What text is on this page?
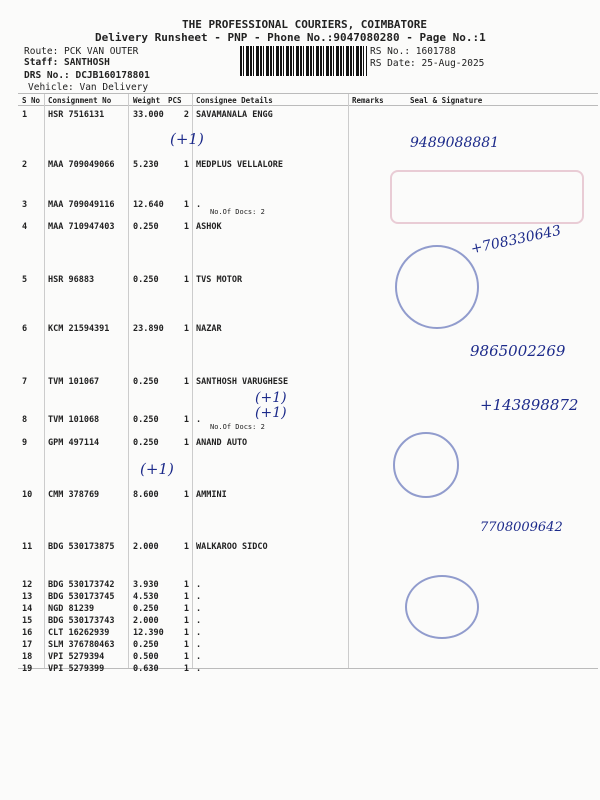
THE PROFESSIONAL COURIERS, COIMBATORE
Delivery Runsheet - PNP - Phone No.:9047080280 - Page No.:1
Route: PCK VAN OUTER
Staff: SANTHOSH
DRS No.: DCJB160178801
Vehicle: Van Delivery
RS No.: 1601788
RS Date: 25-Aug-2025
S No Consignment No	Weight PCS Consignee Details	Remarks	Seal & Signature
1 HSR 7516131	33.000 2 SAVAMANALA ENGG
2 MAA 709049066 5.230	1 MEDPLUS VELLALORE
3 MAA 709049116 12.640 1 .
No.Of Docs: 2
4 MAA 710947403 0.250	1 ASHOK
5 HSR 96883	0.250	1 TVS MOTOR
6 KCM 21594391	23.890 1 NAZAR
7 TVM 101067	0.250	1 SANTHOSH VARUGHESE
8 TVM 101068	0.250	1 .
No.Of Docs: 2
9 GPM 497114	0.250	1 ANAND AUTO
10 CMM 378769	8.600	1 AMMINI
11 BDG 530173875 2.000	1 WALKAROO SIDCO
12 BDG 530173742 3.930	1 .
13 BDG 530173745 4.530	1 .
14 NGD 81239	0.250	1 .
15 BDG 530173743 2.000	1 .
16 CLT 16262939	12.390 1 .
17 SLM 376780463 0.250	1 .
18 VPI 5279394	0.500	1 .
19 VPI 5279399	0.630	1 .
(+1)	9489088881
+708330643
9865002269
(+1)
(+1)	+143898872
(+1)
7708009642
